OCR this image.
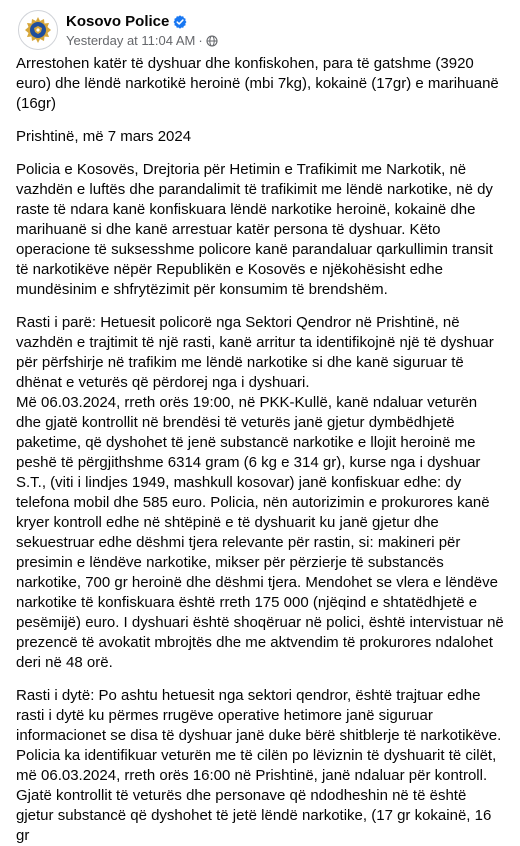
Kosovo Police
Yesterday at 11:04 AM ·

Arrestohen katër të dyshuar dhe konfiskohen, para të gatshme (3920 euro) dhe lëndë narkotikë heroinë (mbi 7kg), kokainë (17gr) e marihuanë (16gr)

Prishtinë, më 7 mars 2024

Policia e Kosovës, Drejtoria për Hetimin e Trafikimit me Narkotik, në vazhdën e luftës dhe parandalimit të trafikimit me lëndë narkotike, në dy raste të ndara kanë konfiskuara lëndë narkotike heroinë, kokainë dhe marihuanë si dhe kanë arrestuar katër persona të dyshuar. Këto operacione të suksesshme policore kanë parandaluar qarkullimin transit të narkotikëve nëpër Republikën e Kosovës e njëkohësisht edhe mundësinim e shfrytëzimit për konsumim të brendshëm.

Rasti i parë: Hetuesit policorë nga Sektori Qendror në Prishtinë, në vazhdën e trajtimit të një rasti, kanë arritur ta identifikojnë një të dyshuar për përfshirje në trafikim me lëndë narkotike si dhe kanë siguruar të dhënat e veturës që përdorej nga i dyshuari.
Më 06.03.2024, rreth orës 19:00, në PKK-Kullë, kanë ndaluar veturën dhe gjatë kontrollit në brendësi të veturës janë gjetur dymbëdhjetë paketime, që dyshohet të jenë substancë narkotike e llojit heroinë me peshë të përgjithshme 6314 gram (6 kg e 314 gr), kurse nga i dyshuar S.T., (viti i lindjes 1949, mashkull kosovar) janë konfiskuar edhe: dy telefona mobil dhe 585 euro. Policia, nën autorizimin e prokurores kanë kryer kontroll edhe në shtëpinë e të dyshuarit ku janë gjetur dhe sekuestruar edhe dëshmi tjera relevante për rastin, si: makineri për presimin e lëndëve narkotike, mikser për përzierje të substancës narkotike, 700 gr heroinë dhe dëshmi tjera. Mendohet se vlera e lëndëve narkotike të konfiskuara është rreth 175 000 (njëqind e shtatëdhjetë e pesëmijë) euro. I dyshuari është shoqëruar në polici, është intervistuar në prezencë të avokatit mbrojtës dhe me aktvendim të prokurores ndalohet deri në 48 orë.

Rasti i dytë: Po ashtu hetuesit nga sektori qendror, është trajtuar edhe rasti i dytë ku përmes rrugëve operative hetimore janë siguruar informacionet se disa të dyshuar janë duke bërë shitblerje të narkotikëve. Policia ka identifikuar veturën me të cilën po lëviznin të dyshuarit të cilët, më 06.03.2024, rreth orës 16:00 në Prishtinë, janë ndaluar për kontroll. Gjatë kontrollit të veturës dhe personave që ndodheshin në të është gjetur substancë që dyshohet të jetë lëndë narkotike, (17 gr kokainë, 16 gr
